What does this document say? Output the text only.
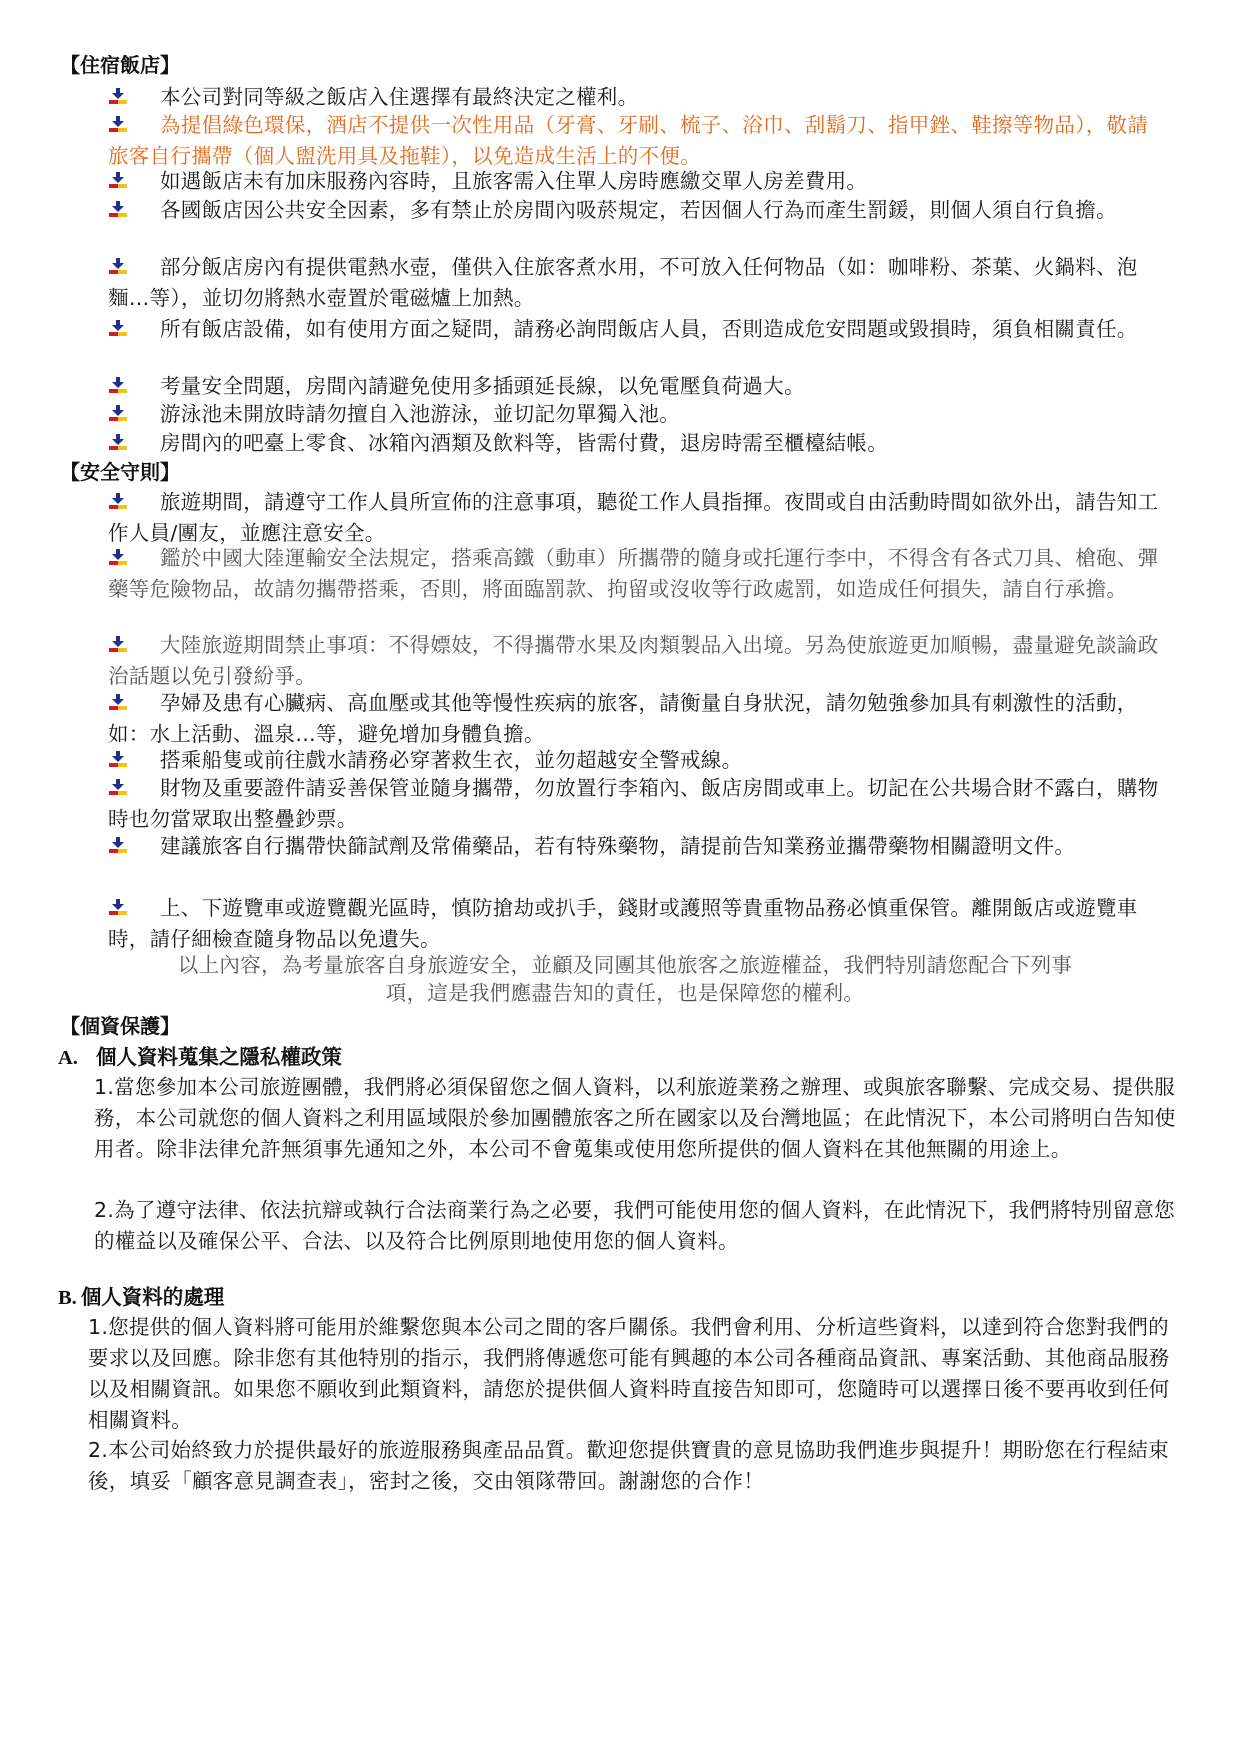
【住宿飯店】
本公司對同等級之飯店入住選擇有最終決定之權利。
為提倡綠色環保，酒店不提供一次性用品（牙膏、牙刷、梳子、浴巾、刮鬍刀、指甲銼、鞋擦等物品），敬請旅客自行攜帶（個人盥洗用具及拖鞋），以免造成生活上的不便。
如遇飯店未有加床服務內容時，且旅客需入住單人房時應繳交單人房差費用。
各國飯店因公共安全因素，多有禁止於房間內吸菸規定，若因個人行為而產生罰鍰，則個人須自行負擔。
部分飯店房內有提供電熱水壺，僅供入住旅客煮水用，不可放入任何物品（如：咖啡粉、茶葉、火鍋料、泡麵…等），並切勿將熱水壺置於電磁爐上加熱。
所有飯店設備，如有使用方面之疑問，請務必詢問飯店人員，否則造成危安問題或毀損時，須負相關責任。
考量安全問題，房間內請避免使用多插頭延長線，以免電壓負荷過大。
游泳池未開放時請勿擅自入池游泳，並切記勿單獨入池。
房間內的吧臺上零食、冰箱內酒類及飲料等，皆需付費，退房時需至櫃檯結帳。
【安全守則】
旅遊期間，請遵守工作人員所宣佈的注意事項，聽從工作人員指揮。夜間或自由活動時間如欲外出，請告知工作人員/團友，並應注意安全。
鑑於中國大陸運輸安全法規定，搭乘高鐵（動車）所攜帶的隨身或托運行李中，不得含有各式刀具、槍砲、彈藥等危險物品，故請勿攜帶搭乘，否則，將面臨罰款、拘留或沒收等行政處罰，如造成任何損失，請自行承擔。
大陸旅遊期間禁止事項：不得嫖妓，不得攜帶水果及肉類製品入出境。另為使旅遊更加順暢，盡量避免談論政治話題以免引發紛爭。
孕婦及患有心臟病、高血壓或其他等慢性疾病的旅客，請衡量自身狀況，請勿勉強參加具有刺激性的活動，如：水上活動、溫泉…等，避免增加身體負擔。
搭乘船隻或前往戲水請務必穿著救生衣，並勿超越安全警戒線。
財物及重要證件請妥善保管並隨身攜帶，勿放置行李箱內、飯店房間或車上。切記在公共場合財不露白，購物時也勿當眾取出整疊鈔票。
建議旅客自行攜帶快篩試劑及常備藥品，若有特殊藥物，請提前告知業務並攜帶藥物相關證明文件。
上、下遊覽車或遊覽觀光區時，慎防搶劫或扒手，錢財或護照等貴重物品務必慎重保管。離開飯店或遊覽車時，請仔細檢查隨身物品以免遺失。
以上內容，為考量旅客自身旅遊安全，並顧及同團其他旅客之旅遊權益，我們特別請您配合下列事
項，這是我們應盡告知的責任，也是保障您的權利。
【個資保護】
A. 個人資料蒐集之隱私權政策
1.當您參加本公司旅遊團體，我們將必須保留您之個人資料，以利旅遊業務之辦理、或與旅客聯繫、完成交易、提供服務，本公司就您的個人資料之利用區域限於參加團體旅客之所在國家以及台灣地區；在此情況下，本公司將明白告知使用者。除非法律允許無須事先通知之外，本公司不會蒐集或使用您所提供的個人資料在其他無關的用途上。
2.為了遵守法律、依法抗辯或執行合法商業行為之必要，我們可能使用您的個人資料，在此情況下，我們將特別留意您的權益以及確保公平、合法、以及符合比例原則地使用您的個人資料。
B. 個人資料的處理
1.您提供的個人資料將可能用於維繫您與本公司之間的客戶關係。我們會利用、分析這些資料，以達到符合您對我們的要求以及回應。除非您有其他特別的指示，我們將傳遞您可能有興趣的本公司各種商品資訊、專案活動、其他商品服務以及相關資訊。如果您不願收到此類資料，請您於提供個人資料時直接告知即可，您隨時可以選擇日後不要再收到任何相關資料。
2.本公司始終致力於提供最好的旅遊服務與產品品質。歡迎您提供寶貴的意見協助我們進步與提升！期盼您在行程結束後，填妥「顧客意見調查表」，密封之後，交由領隊帶回。謝謝您的合作！
